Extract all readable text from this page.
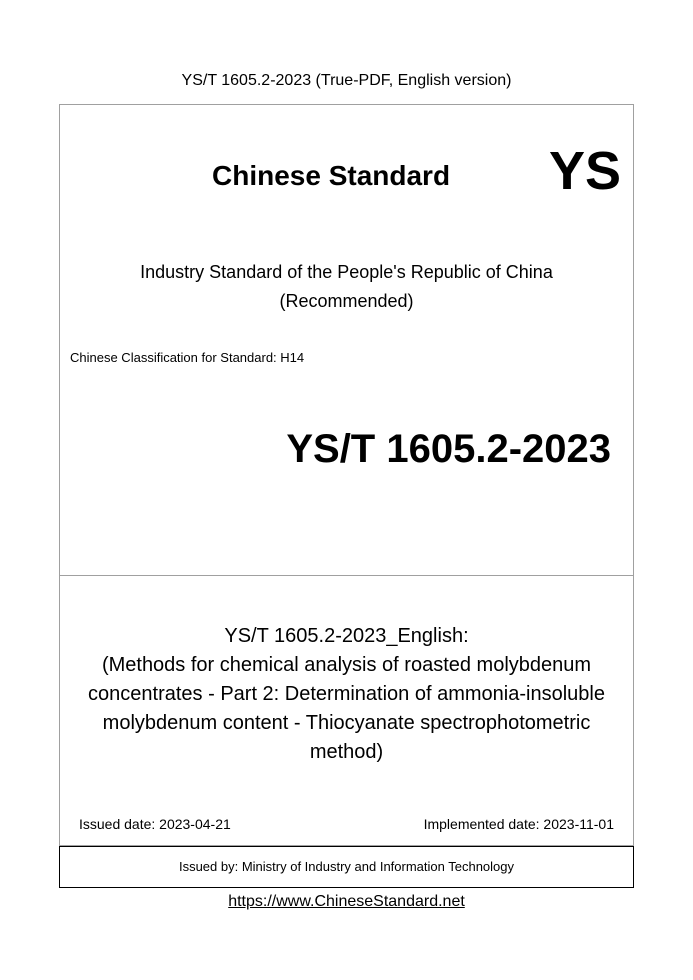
YS/T 1605.2-2023 (True-PDF, English version)
Chinese Standard YS
Industry Standard of the People's Republic of China
(Recommended)
Chinese Classification for Standard: H14
YS/T 1605.2-2023
YS/T 1605.2-2023_English:
(Methods for chemical analysis of roasted molybdenum
concentrates - Part 2: Determination of ammonia-insoluble
molybdenum content - Thiocyanate spectrophotometric
method)
Issued date: 2023-04-21	Implemented date: 2023-11-01
Issued by: Ministry of Industry and Information Technology
https://www.ChineseStandard.net
